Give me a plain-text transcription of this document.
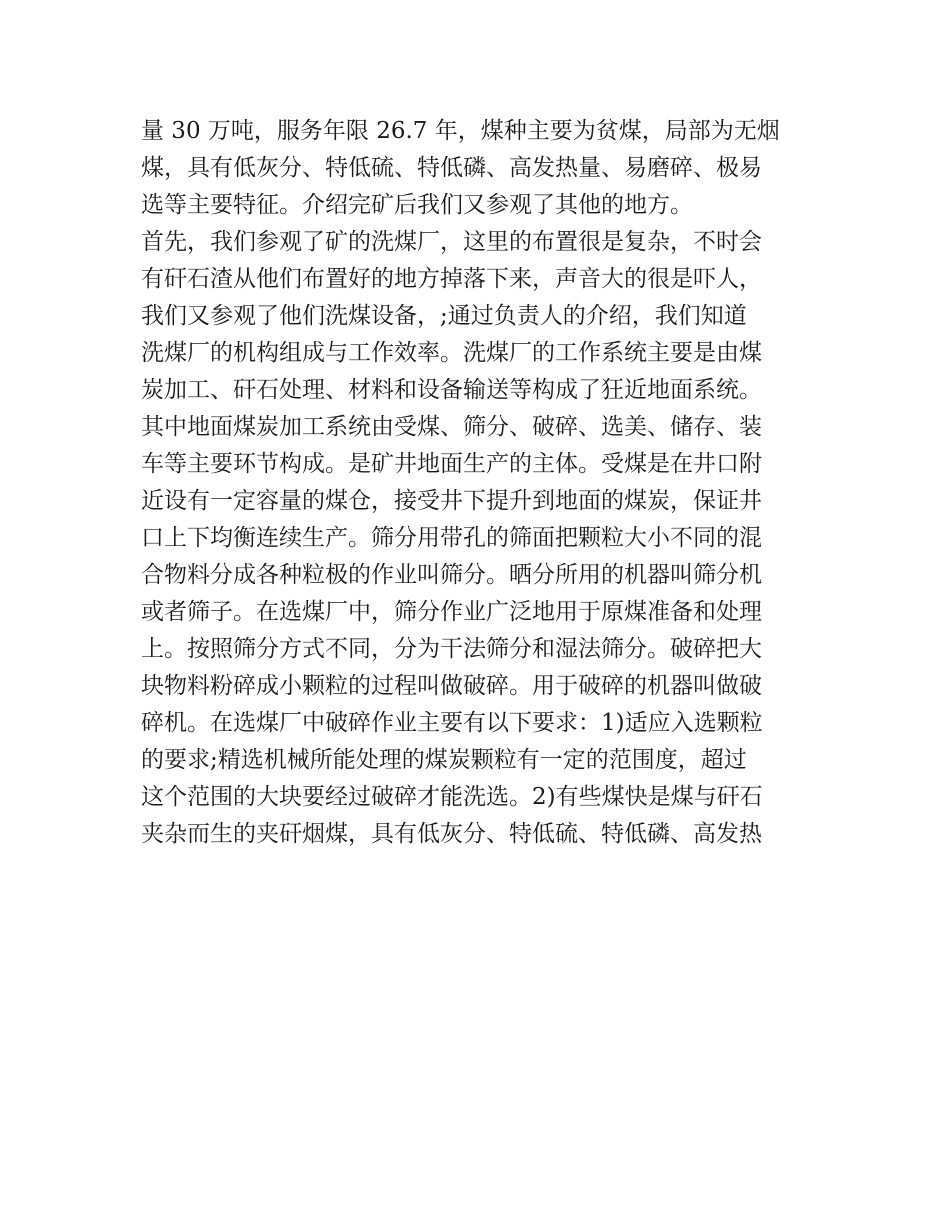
量 30 万吨，服务年限 26.7 年，煤种主要为贫煤，局部为无烟
煤，具有低灰分、特低硫、特低磷、高发热量、易磨碎、极易
选等主要特征。介绍完矿后我们又参观了其他的地方。
首先，我们参观了矿的洗煤厂，这里的布置很是复杂，不时会
有矸石渣从他们布置好的地方掉落下来，声音大的很是吓人，
我们又参观了他们洗煤设备，;通过负责人的介绍，我们知道
洗煤厂的机构组成与工作效率。洗煤厂的工作系统主要是由煤
炭加工、矸石处理、材料和设备输送等构成了狂近地面系统。
其中地面煤炭加工系统由受煤、筛分、破碎、选美、储存、装
车等主要环节构成。是矿井地面生产的主体。受煤是在井口附
近设有一定容量的煤仓，接受井下提升到地面的煤炭，保证井
口上下均衡连续生产。筛分用带孔的筛面把颗粒大小不同的混
合物料分成各种粒极的作业叫筛分。晒分所用的机器叫筛分机
或者筛子。在选煤厂中，筛分作业广泛地用于原煤准备和处理
上。按照筛分方式不同，分为干法筛分和湿法筛分。破碎把大
块物料粉碎成小颗粒的过程叫做破碎。用于破碎的机器叫做破
碎机。在选煤厂中破碎作业主要有以下要求：1)适应入选颗粒
的要求;精选机械所能处理的煤炭颗粒有一定的范围度，超过
这个范围的大块要经过破碎才能洗选。2)有些煤快是煤与矸石
夹杂而生的夹矸烟煤，具有低灰分、特低硫、特低磷、高发热
